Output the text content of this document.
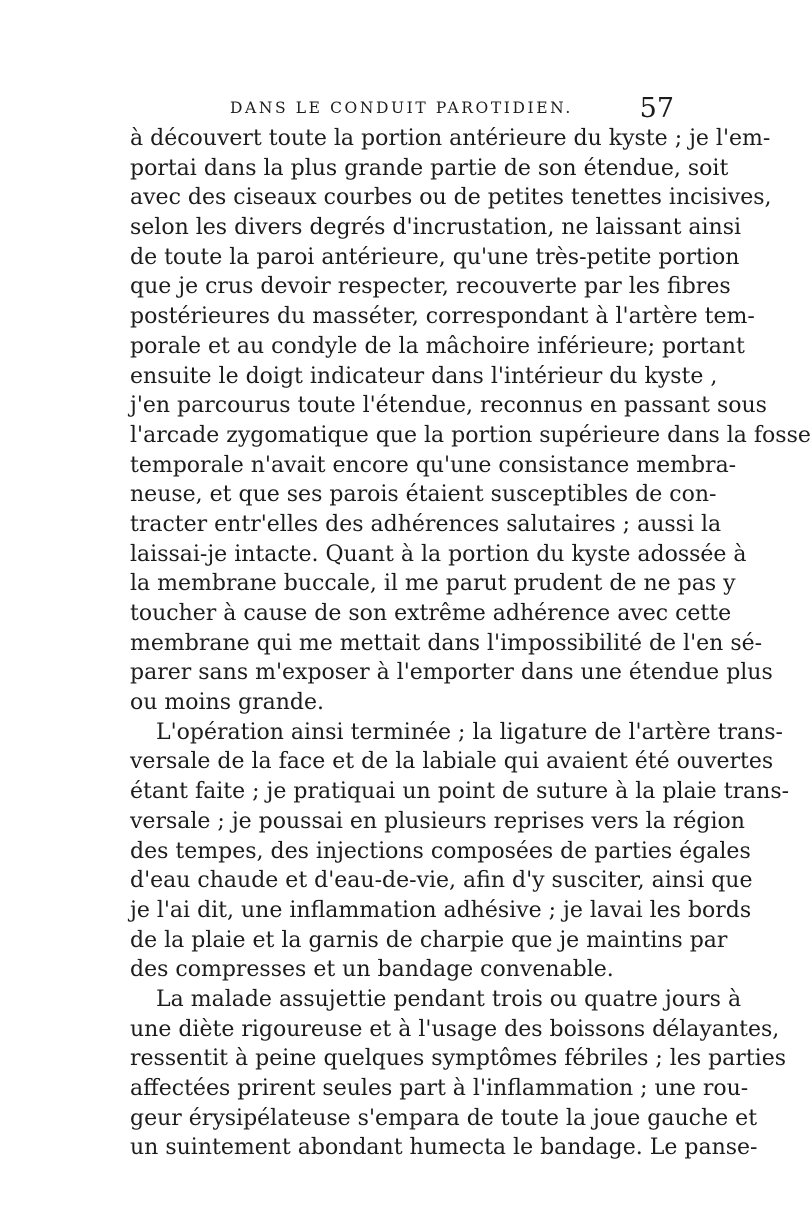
DANS LE CONDUIT PAROTIDIEN. 57
à découvert toute la portion antérieure du kyste ; je l'em-
portai dans la plus grande partie de son étendue, soit
avec des ciseaux courbes ou de petites tenettes incisives,
selon les divers degrés d'incrustation, ne laissant ainsi
de toute la paroi antérieure, qu'une très-petite portion
que je crus devoir respecter, recouverte par les fibres
postérieures du masséter, correspondant à l'artère tem-
porale et au condyle de la mâchoire inférieure; portant
ensuite le doigt indicateur dans l'intérieur du kyste ,
j'en parcourus toute l'étendue, reconnus en passant sous
l'arcade zygomatique que la portion supérieure dans la fosse
temporale n'avait encore qu'une consistance membra-
neuse, et que ses parois étaient susceptibles de con-
tracter entr'elles des adhérences salutaires ; aussi la
laissai-je intacte. Quant à la portion du kyste adossée à
la membrane buccale, il me parut prudent de ne pas y
toucher à cause de son extrême adhérence avec cette
membrane qui me mettait dans l'impossibilité de l'en sé-
parer sans m'exposer à l'emporter dans une étendue plus
ou moins grande.
L'opération ainsi terminée ; la ligature de l'artère trans-
versale de la face et de la labiale qui avaient été ouvertes
étant faite ; je pratiquai un point de suture à la plaie trans-
versale ; je poussai en plusieurs reprises vers la région
des tempes, des injections composées de parties égales
d'eau chaude et d'eau-de-vie, afin d'y susciter, ainsi que
je l'ai dit, une inflammation adhésive ; je lavai les bords
de la plaie et la garnis de charpie que je maintins par
des compresses et un bandage convenable.
La malade assujettie pendant trois ou quatre jours à
une diète rigoureuse et à l'usage des boissons délayantes,
ressentit à peine quelques symptômes fébriles ; les parties
affectées prirent seules part à l'inflammation ; une rou-
geur érysipélateuse s'empara de toute la joue gauche et
un suintement abondant humecta le bandage. Le panse-
